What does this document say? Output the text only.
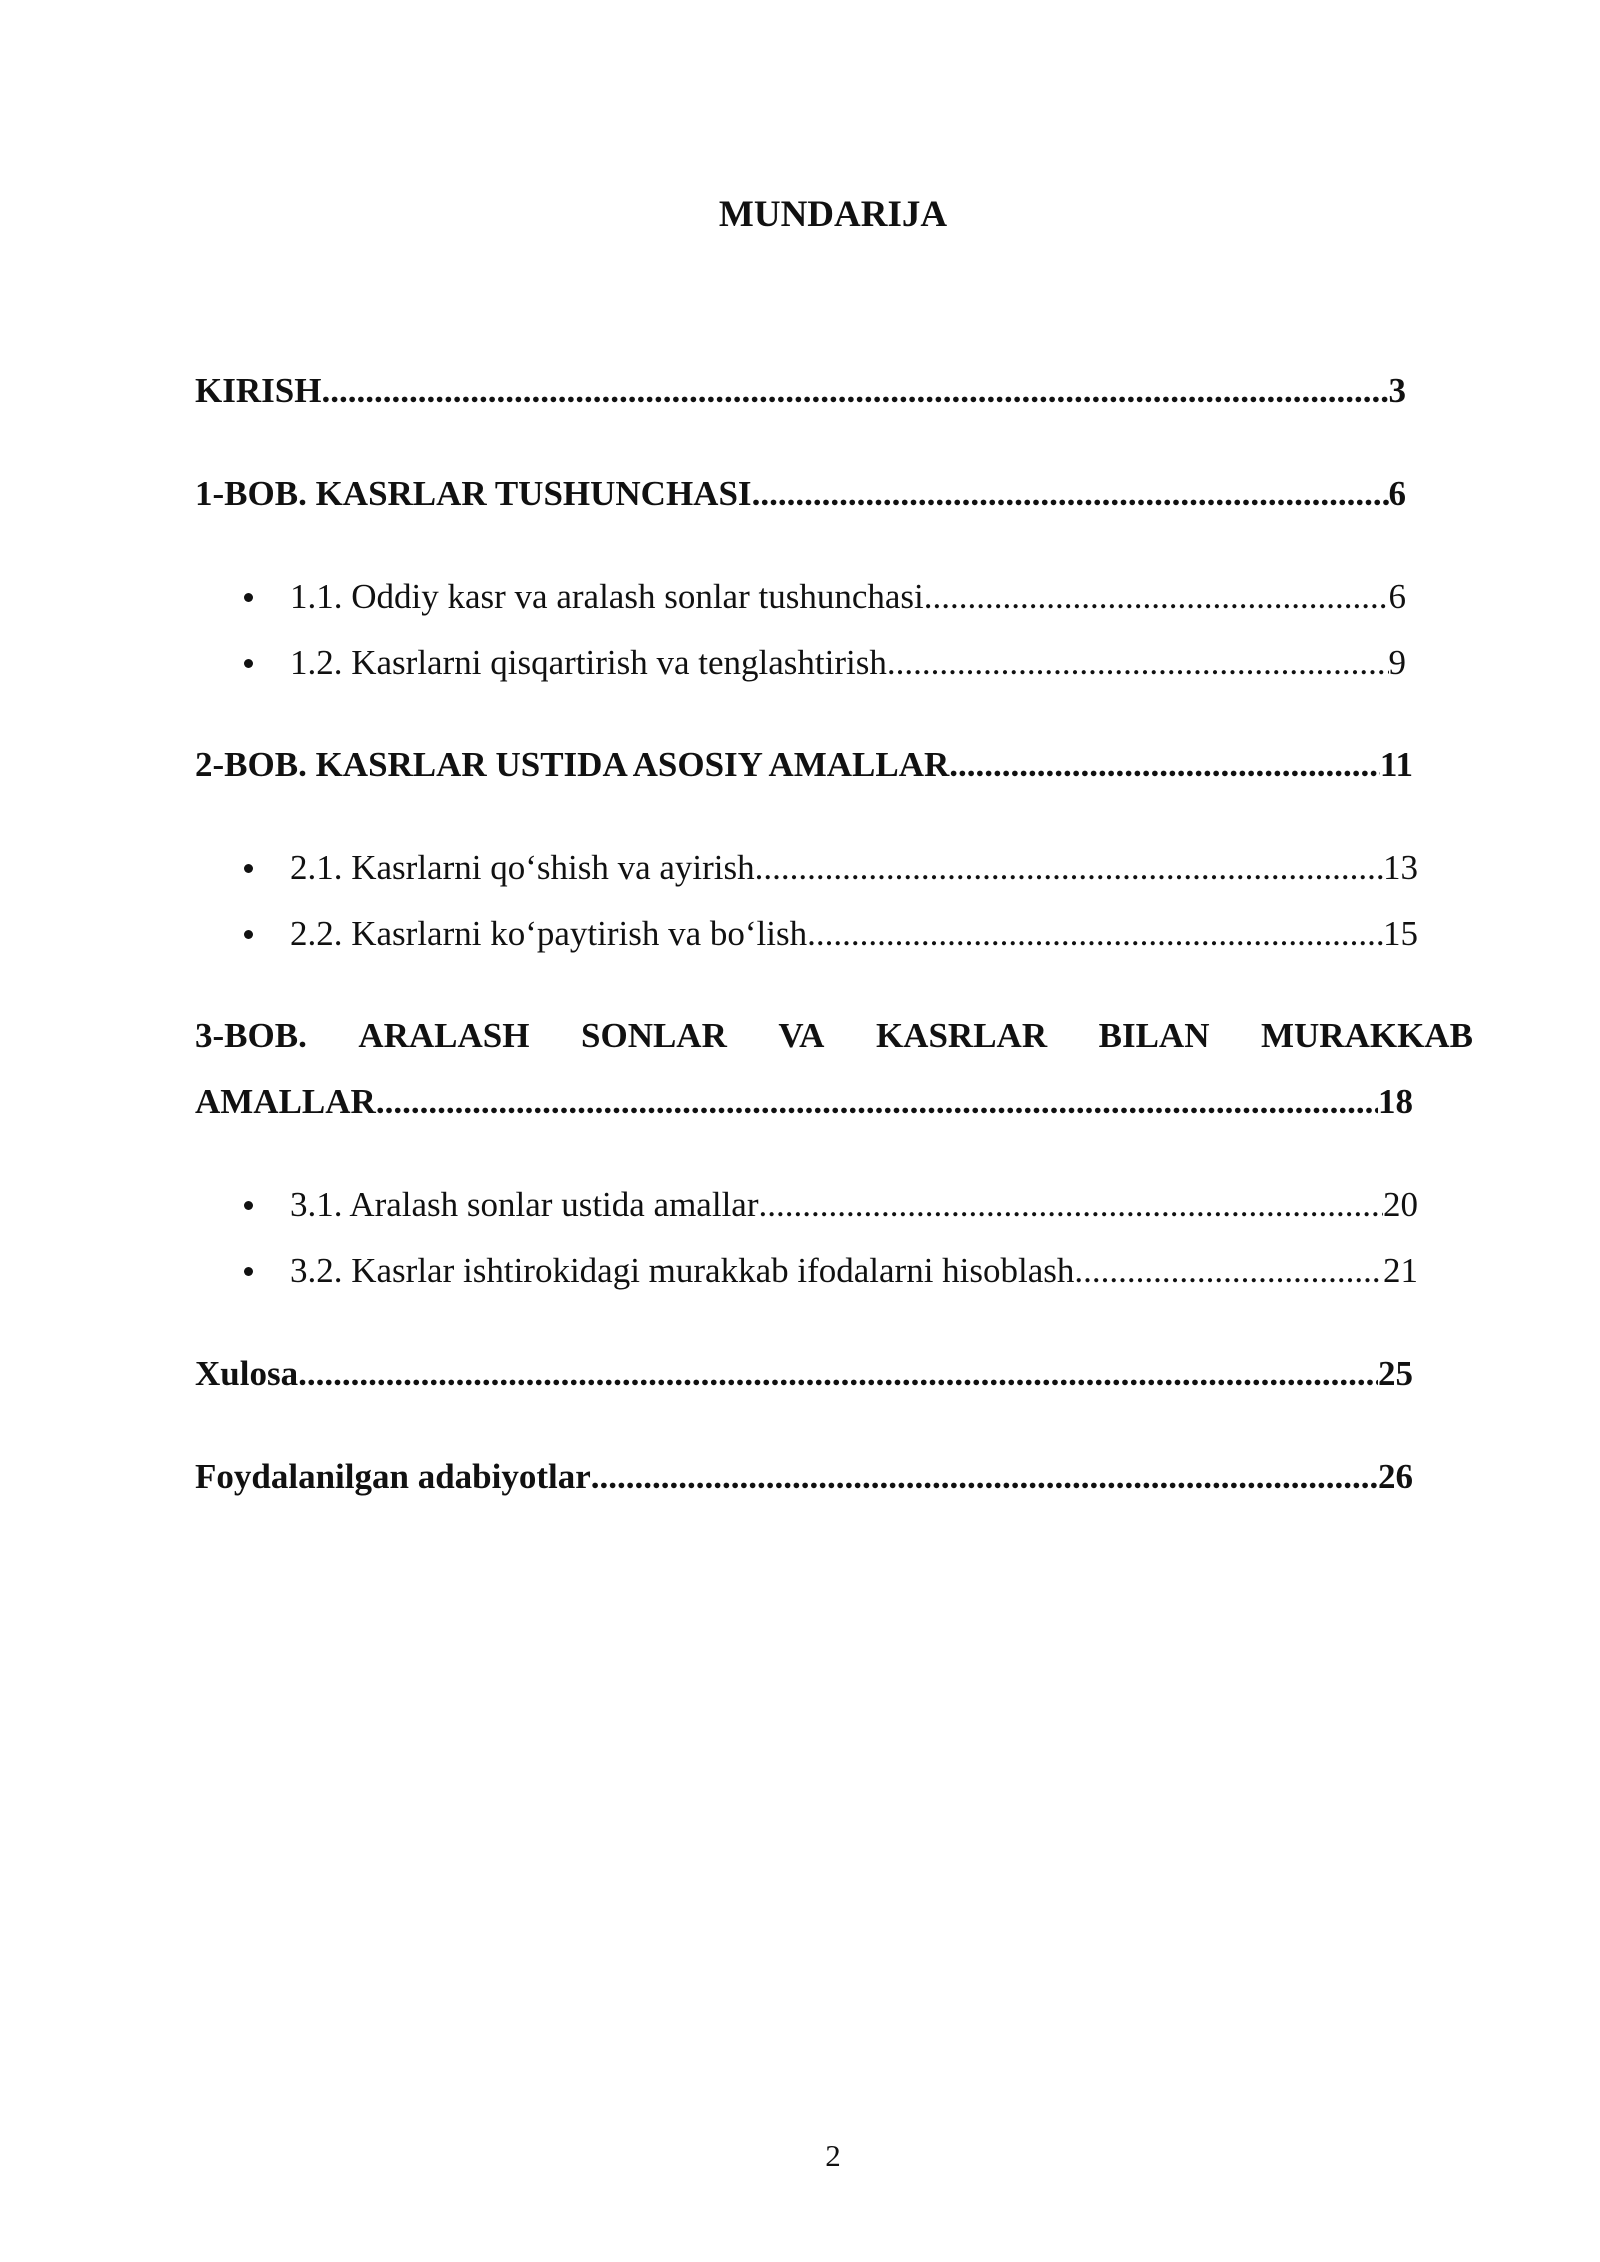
MUNDARIJA
KIRISH .....	3
1-BOB. KASRLAR TUSHUNCHASI .....	6
1.1. Oddiy kasr va aralash sonlar tushunchasi .....	6
1.2. Kasrlarni qisqartirish va tenglashtirish .....	9
2-BOB. KASRLAR USTIDA ASOSIY AMALLAR .....	11
2.1. Kasrlarni qo‘shish va ayirish .....	13
2.2. Kasrlarni ko‘paytirish va bo‘lish .....	15
3-BOB. ARALASH SONLAR VA KASRLAR BILAN MURAKKAB
AMALLAR .....	18
3.1. Aralash sonlar ustida amallar .....	20
3.2. Kasrlar ishtirokidagi murakkab ifodalarni hisoblash .....	21
Xulosa .....	25
Foydalanilgan adabiyotlar .....	26
2
